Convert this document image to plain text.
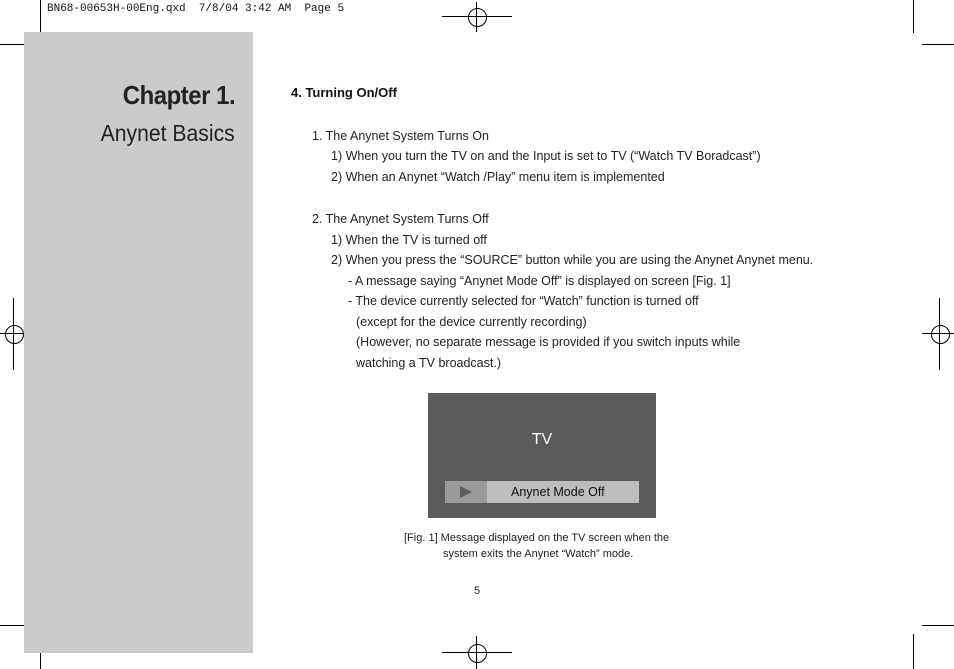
BN68-00653H-00Eng.qxd  7/8/04 3:42 AM  Page 5
Chapter 1.
Anynet Basics
4. Turning On/Off
1. The Anynet System Turns On
1) When you turn the TV on and the Input is set to TV (“Watch TV Boradcast”)
2) When an Anynet “Watch /Play” menu item is implemented
2. The Anynet System Turns Off
1) When the TV is turned off
2) When you press the “SOURCE” button while you are using the Anynet Anynet menu.
- A message saying “Anynet Mode Off” is displayed on screen [Fig. 1]
- The device currently selected for “Watch” function is turned off
(except for the device currently recording)
(However, no separate message is provided if you switch inputs while
watching a TV broadcast.)
TV
Anynet Mode Off
[Fig. 1] Message displayed on the TV screen when the
system exits the Anynet “Watch” mode.
5
